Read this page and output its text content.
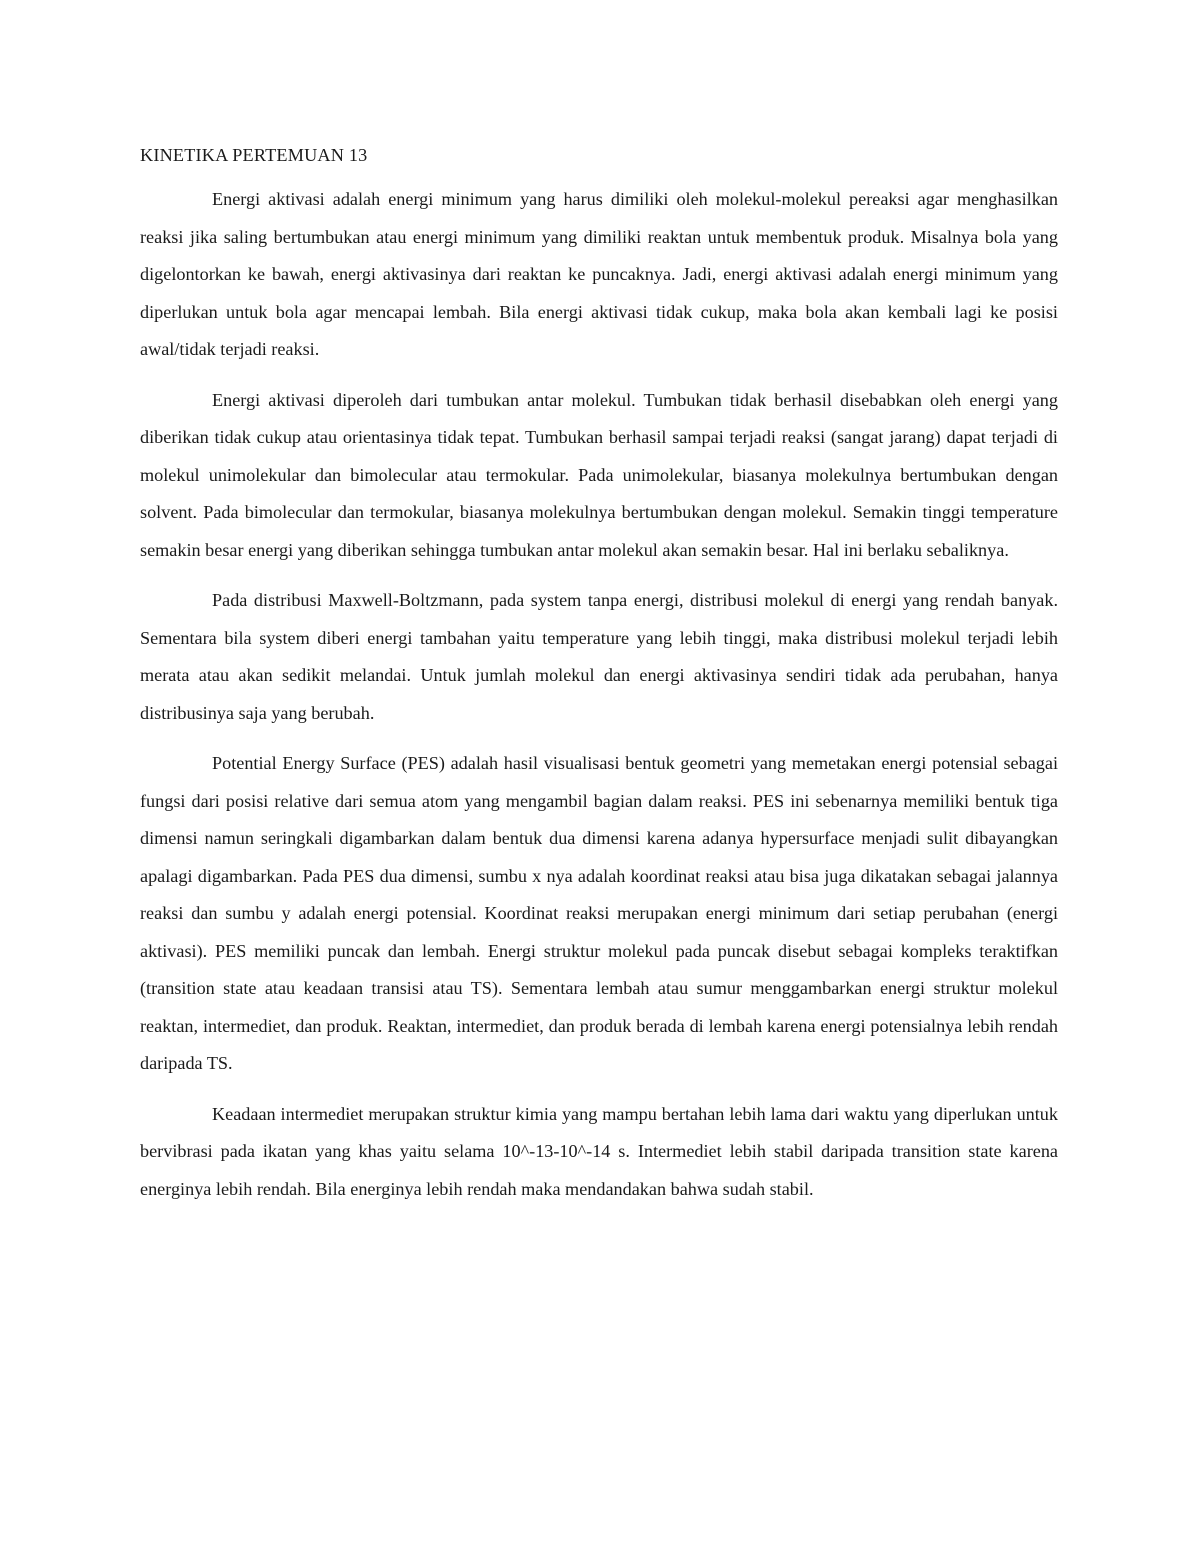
KINETIKA PERTEMUAN 13

Energi aktivasi adalah energi minimum yang harus dimiliki oleh molekul-molekul pereaksi agar menghasilkan reaksi jika saling bertumbukan atau energi minimum yang dimiliki reaktan untuk membentuk produk. Misalnya bola yang digelontorkan ke bawah, energi aktivasinya dari reaktan ke puncaknya. Jadi, energi aktivasi adalah energi minimum yang diperlukan untuk bola agar mencapai lembah. Bila energi aktivasi tidak cukup, maka bola akan kembali lagi ke posisi awal/tidak terjadi reaksi.

Energi aktivasi diperoleh dari tumbukan antar molekul. Tumbukan tidak berhasil disebabkan oleh energi yang diberikan tidak cukup atau orientasinya tidak tepat. Tumbukan berhasil sampai terjadi reaksi (sangat jarang) dapat terjadi di molekul unimolekular dan bimolecular atau termokular. Pada unimolekular, biasanya molekulnya bertumbukan dengan solvent. Pada bimolecular dan termokular, biasanya molekulnya bertumbukan dengan molekul. Semakin tinggi temperature semakin besar energi yang diberikan sehingga tumbukan antar molekul akan semakin besar. Hal ini berlaku sebaliknya.

Pada distribusi Maxwell-Boltzmann, pada system tanpa energi, distribusi molekul di energi yang rendah banyak. Sementara bila system diberi energi tambahan yaitu temperature yang lebih tinggi, maka distribusi molekul terjadi lebih merata atau akan sedikit melandai. Untuk jumlah molekul dan energi aktivasinya sendiri tidak ada perubahan, hanya distribusinya saja yang berubah.

Potential Energy Surface (PES) adalah hasil visualisasi bentuk geometri yang memetakan energi potensial sebagai fungsi dari posisi relative dari semua atom yang mengambil bagian dalam reaksi. PES ini sebenarnya memiliki bentuk tiga dimensi namun seringkali digambarkan dalam bentuk dua dimensi karena adanya hypersurface menjadi sulit dibayangkan apalagi digambarkan. Pada PES dua dimensi, sumbu x nya adalah koordinat reaksi atau bisa juga dikatakan sebagai jalannya reaksi dan sumbu y adalah energi potensial. Koordinat reaksi merupakan energi minimum dari setiap perubahan (energi aktivasi). PES memiliki puncak dan lembah. Energi struktur molekul pada puncak disebut sebagai kompleks teraktifkan (transition state atau keadaan transisi atau TS). Sementara lembah atau sumur menggambarkan energi struktur molekul reaktan, intermediet, dan produk. Reaktan, intermediet, dan produk berada di lembah karena energi potensialnya lebih rendah daripada TS.

Keadaan intermediet merupakan struktur kimia yang mampu bertahan lebih lama dari waktu yang diperlukan untuk bervibrasi pada ikatan yang khas yaitu selama 10^-13-10^-14 s. Intermediet lebih stabil daripada transition state karena energinya lebih rendah. Bila energinya lebih rendah maka mendandakan bahwa sudah stabil.
